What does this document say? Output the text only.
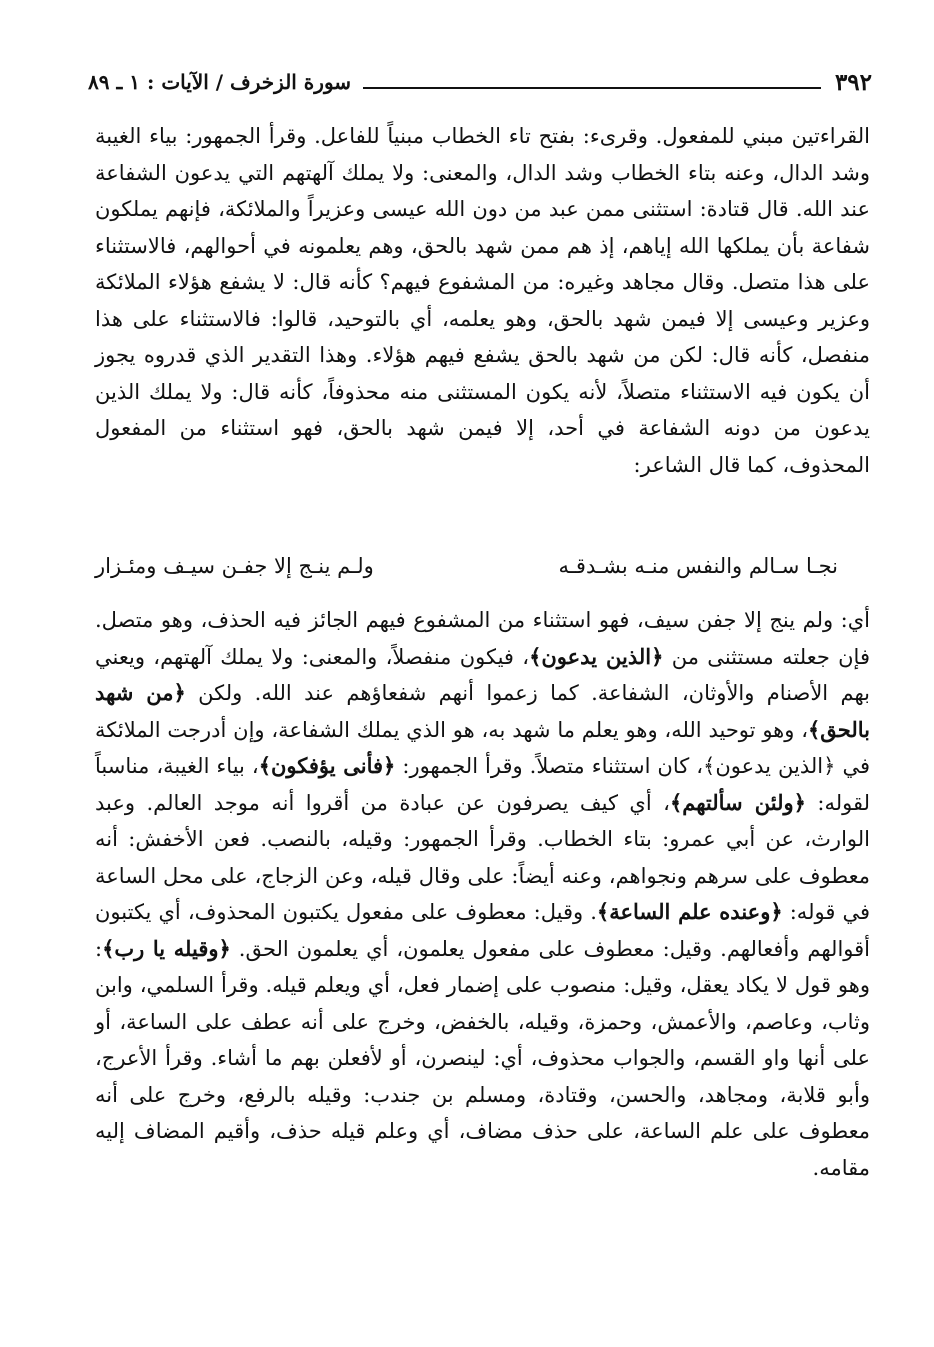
٣٩٢
سورة الزخرف / الآيات : ١ ـ ٨٩

القراءتين مبني للمفعول. وقرىء: بفتح تاء الخطاب مبنياً للفاعل. وقرأ الجمهور: بياء الغيبة وشد الدال، وعنه بتاء الخطاب وشد الدال، والمعنى: ولا يملك آلهتهم التي يدعون الشفاعة عند الله. قال قتادة: استثنى ممن عبد من دون الله عيسى وعزيراً والملائكة، فإنهم يملكون شفاعة بأن يملكها الله إياهم، إذ هم ممن شهد بالحق، وهم يعلمونه في أحوالهم، فالاستثناء على هذا متصل. وقال مجاهد وغيره: من المشفوع فيهم؟ كأنه قال: لا يشفع هؤلاء الملائكة وعزير وعيسى إلا فيمن شهد بالحق، وهو يعلمه، أي بالتوحيد، قالوا: فالاستثناء على هذا منفصل، كأنه قال: لكن من شهد بالحق يشفع فيهم هؤلاء. وهذا التقدير الذي قدروه يجوز أن يكون فيه الاستثناء متصلاً، لأنه يكون المستثنى منه محذوفاً، كأنه قال: ولا يملك الذين يدعون من دونه الشفاعة في أحد، إلا فيمن شهد بالحق، فهو استثناء من المفعول المحذوف، كما قال الشاعر:

نجـا سـالم والنفس منـه بشـدقـه
ولـم ينـج إلا جفـن سيـف ومئـزار

أي: ولم ينج إلا جفن سيف، فهو استثناء من المشفوع فيهم الجائز فيه الحذف، وهو متصل. فإن جعلته مستثنى من ﴿الذين يدعون﴾، فيكون منفصلاً، والمعنى: ولا يملك آلهتهم، ويعني بهم الأصنام والأوثان، الشفاعة. كما زعموا أنهم شفعاؤهم عند الله. ولكن ﴿من شهد بالحق﴾، وهو توحيد الله، وهو يعلم ما شهد به، هو الذي يملك الشفاعة، وإن أدرجت الملائكة في ﴿الذين يدعون﴾، كان استثناء متصلاً. وقرأ الجمهور: ﴿فأنى يؤفكون﴾، بياء الغيبة، مناسباً لقوله: ﴿ولئن سألتهم﴾، أي كيف يصرفون عن عبادة من أقروا أنه موجد العالم. وعبد الوارث، عن أبي عمرو: بتاء الخطاب. وقرأ الجمهور: وقيله، بالنصب. فعن الأخفش: أنه معطوف على سرهم ونجواهم، وعنه أيضاً: على وقال قيله، وعن الزجاج، على محل الساعة في قوله: ﴿وعنده علم الساعة﴾. وقيل: معطوف على مفعول يكتبون المحذوف، أي يكتبون أقوالهم وأفعالهم. وقيل: معطوف على مفعول يعلمون، أي يعلمون الحق. ﴿وقيله يا رب﴾: وهو قول لا يكاد يعقل، وقيل: منصوب على إضمار فعل، أي ويعلم قيله. وقرأ السلمي، وابن وثاب، وعاصم، والأعمش، وحمزة، وقيله، بالخفض، وخرج على أنه عطف على الساعة، أو على أنها واو القسم، والجواب محذوف، أي: لينصرن، أو لأفعلن بهم ما أشاء. وقرأ الأعرج، وأبو قلابة، ومجاهد، والحسن، وقتادة، ومسلم بن جندب: وقيله بالرفع، وخرج على أنه معطوف على علم الساعة، على حذف مضاف، أي وعلم قيله حذف، وأقيم المضاف إليه مقامه.
